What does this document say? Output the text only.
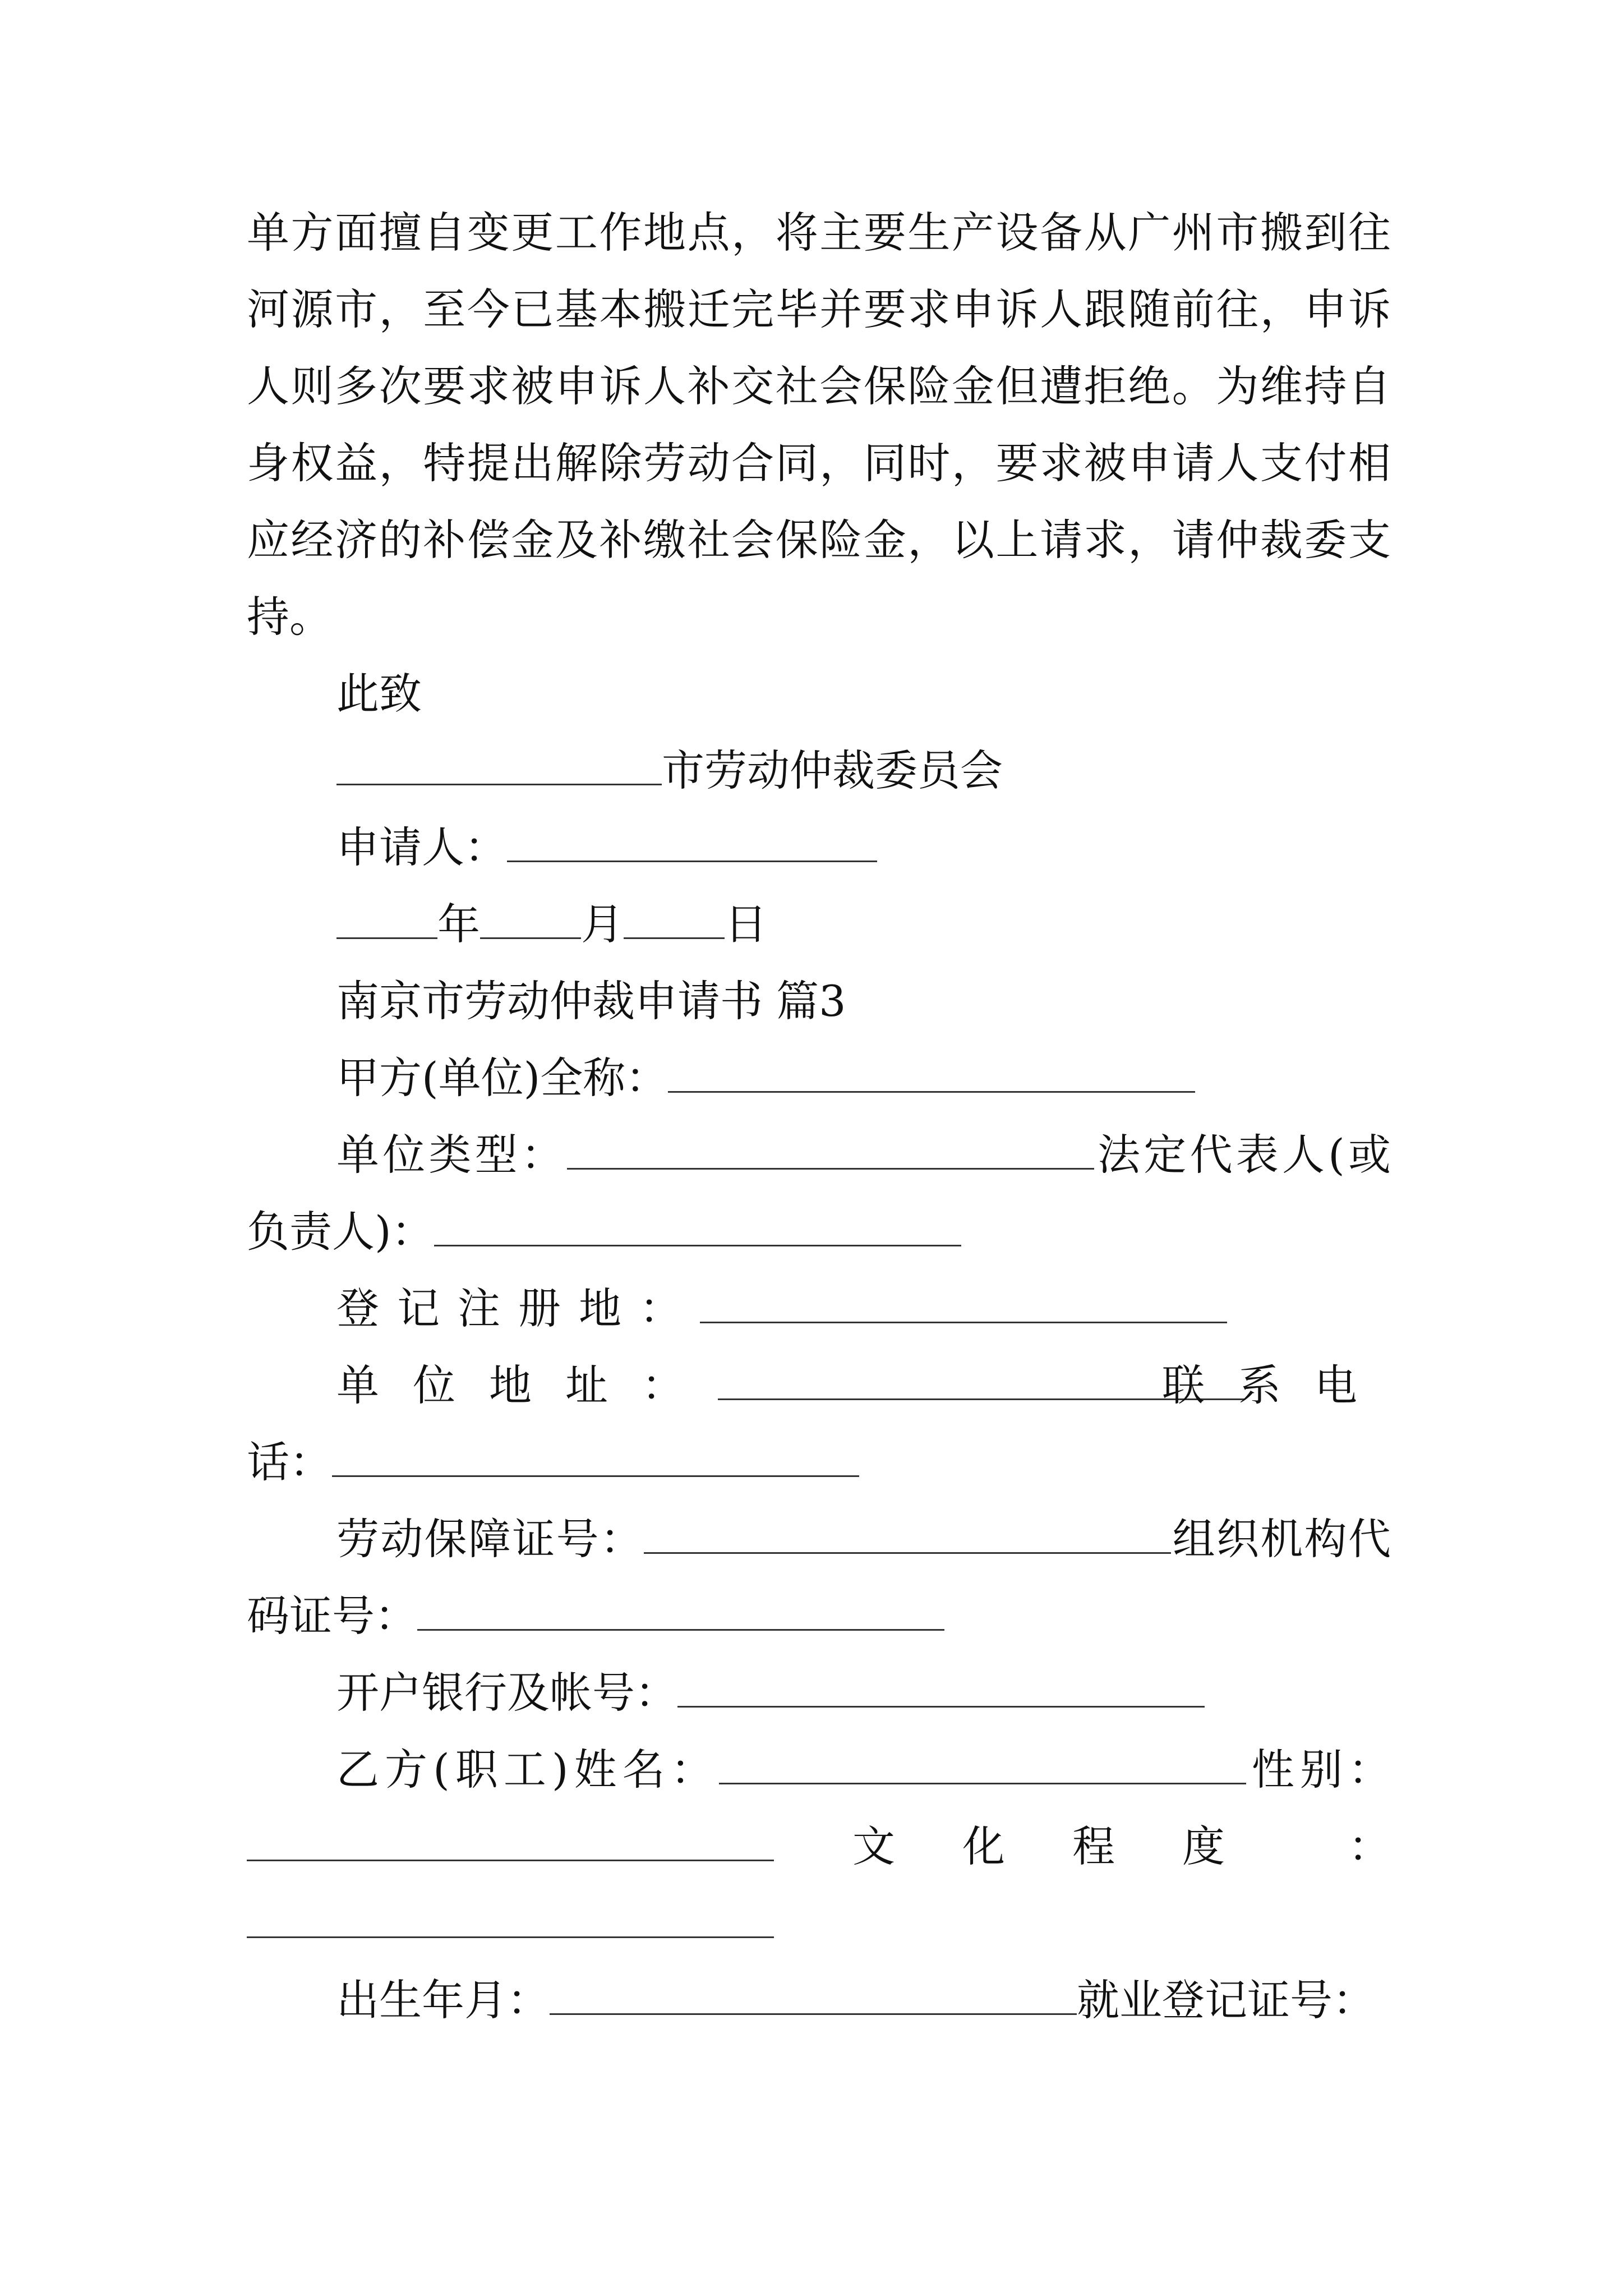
单方面擅自变更工作地点，将主要生产设备从广州市搬到往
河源市，至今已基本搬迁完毕并要求申诉人跟随前往，申诉
人则多次要求被申诉人补交社会保险金但遭拒绝。为维持自
身权益，特提出解除劳动合同，同时，要求被申请人支付相
应经济的补偿金及补缴社会保险金，以上请求，请仲裁委支
持。
此致
市劳动仲裁委员会
申请人：
年 月 日
南京市劳动仲裁申请书 篇3
甲方(单位)全称：
单位类型：	法定代表人(或
负责人)：
登记注册地：
单位地址：	联系电
话：
劳动保障证号：	组织机构代
码证号：
开户银行及帐号：
乙方(职工)姓名：	性别：
文化程度 ：
出生年月：	就业登记证号：
